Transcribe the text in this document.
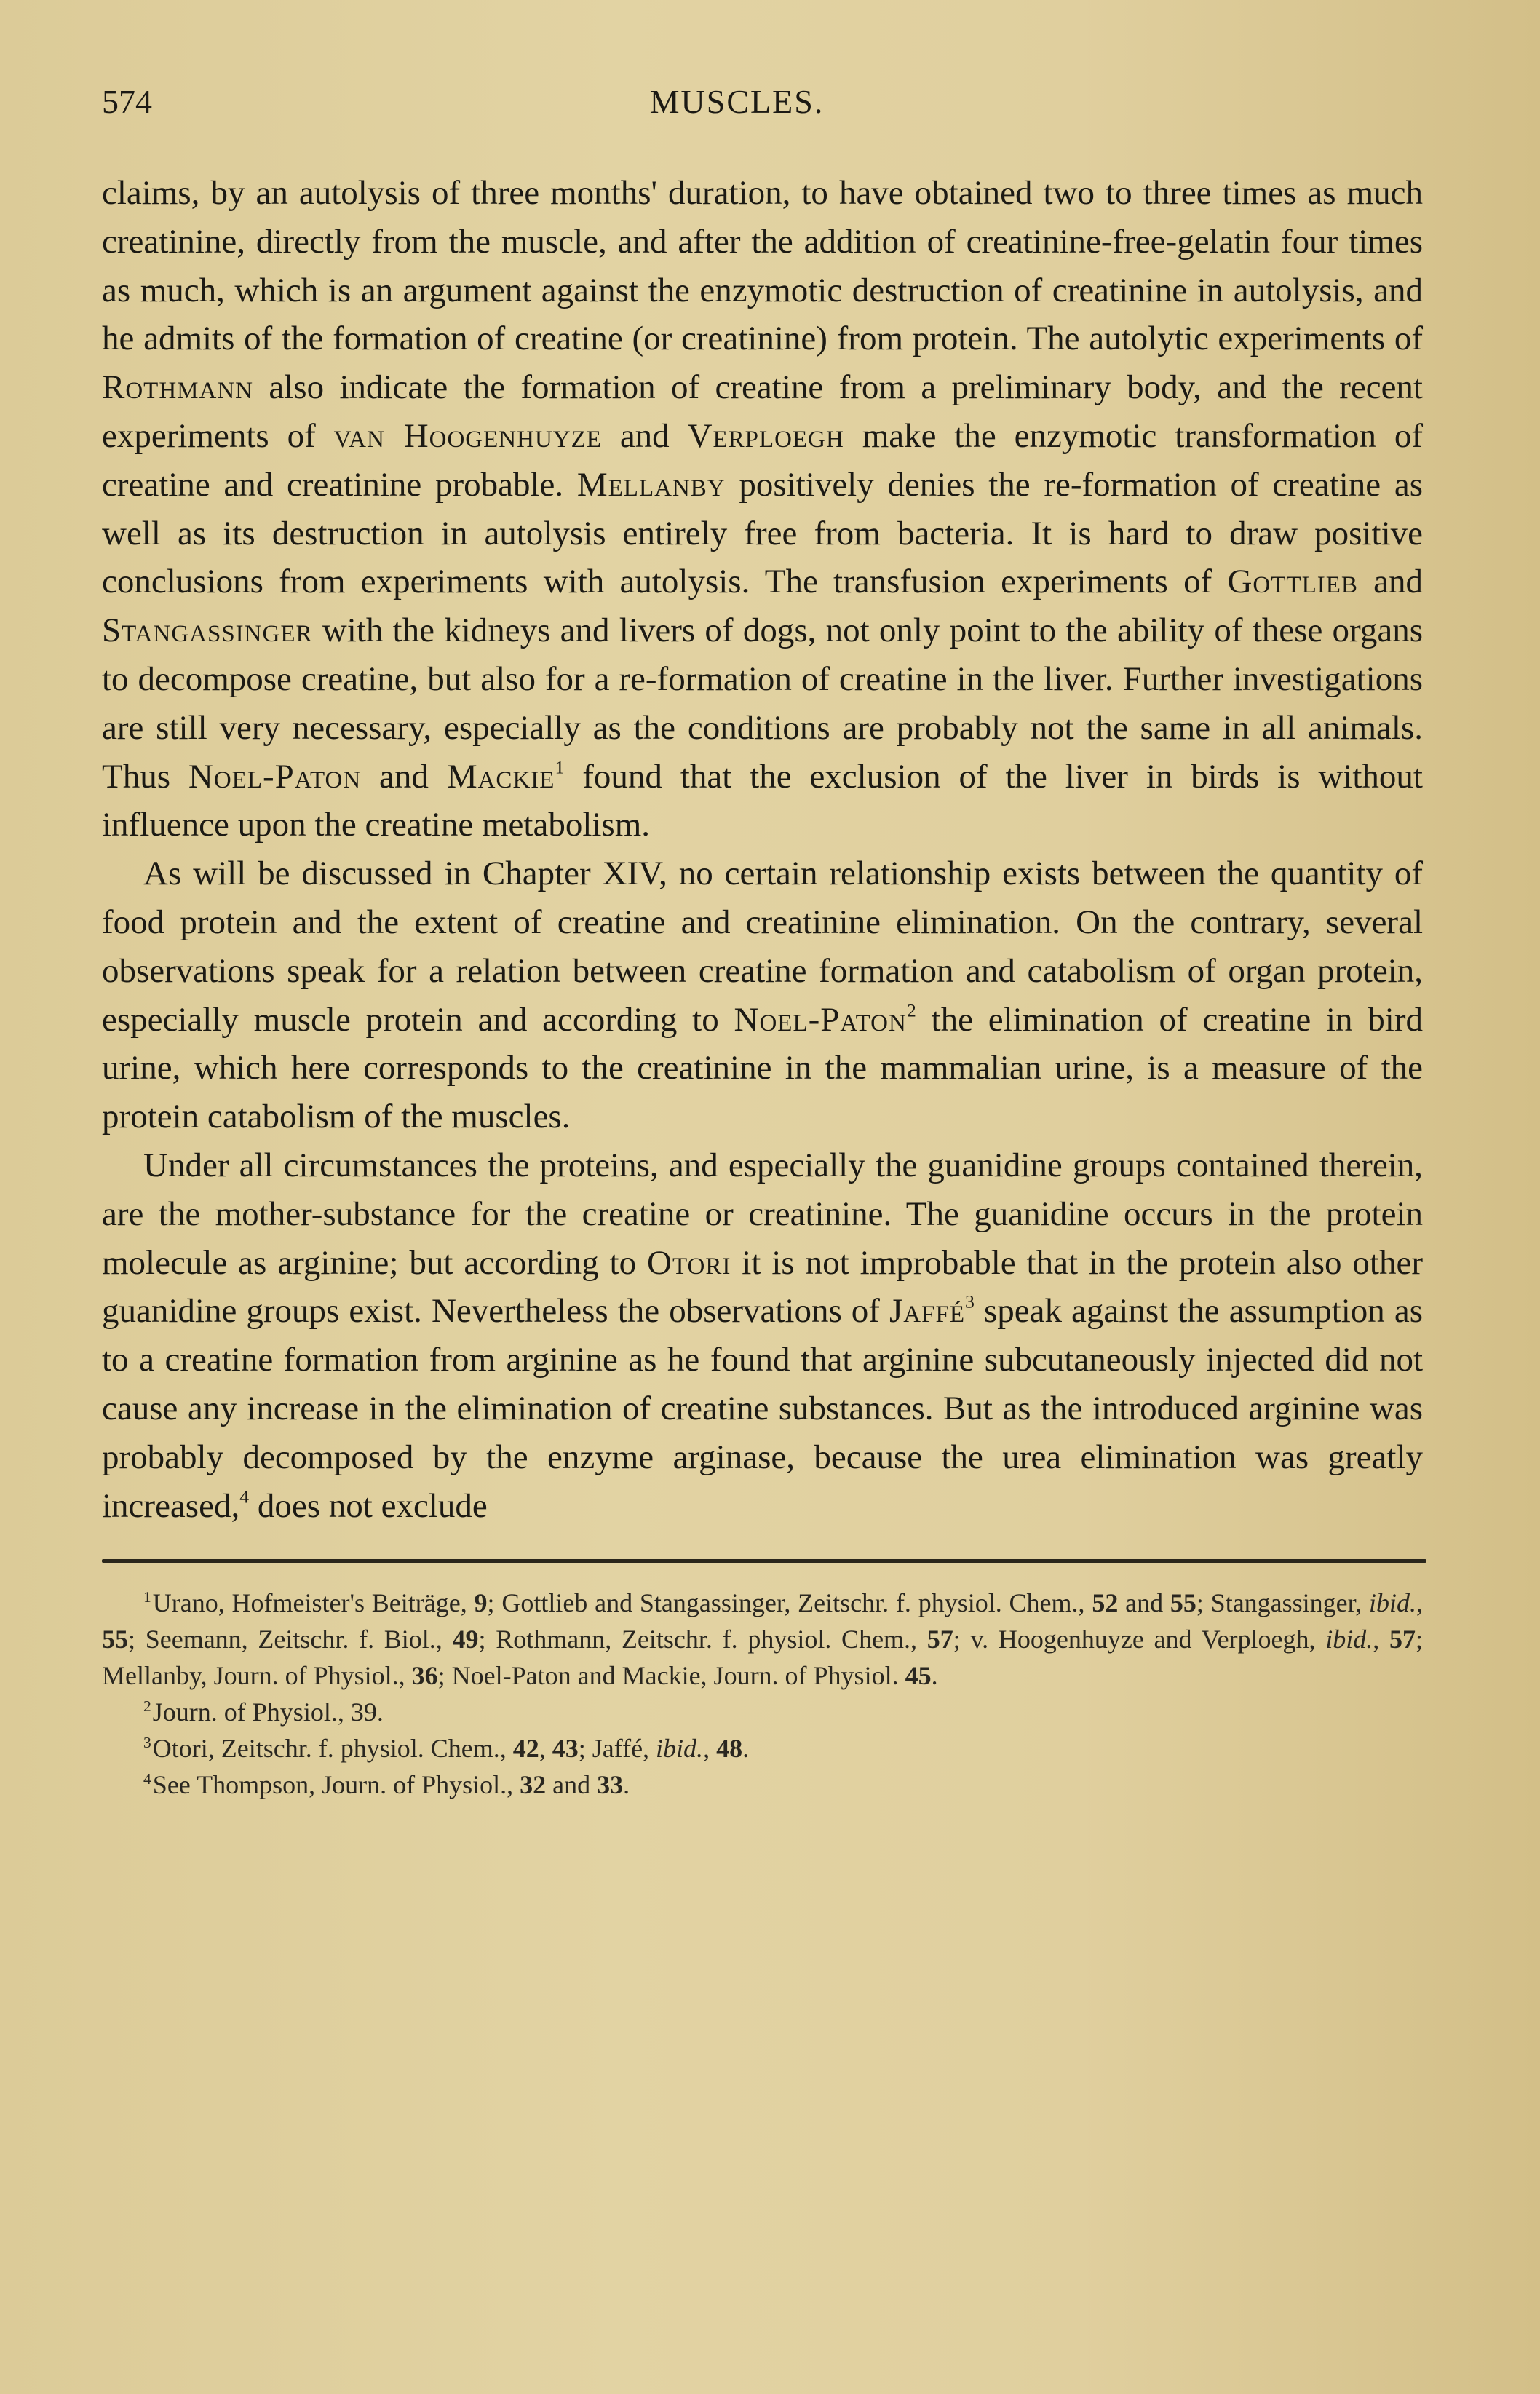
574	MUSCLES.

claims, by an autolysis of three months' duration, to have obtained two to three times as much creatinine, directly from the muscle, and after the addition of creatinine-free-gelatin four times as much, which is an argument against the enzymotic destruction of creatinine in autolysis, and he admits of the formation of creatine (or creatinine) from protein. The autolytic experiments of Rothmann also indicate the formation of creatine from a preliminary body, and the recent experiments of van Hoogenhuyze and Verploegh make the enzymotic transformation of creatine and creatinine probable. Mellanby positively denies the re-formation of creatine as well as its destruction in autolysis entirely free from bacteria. It is hard to draw positive conclusions from experiments with autolysis. The transfusion experiments of Gottlieb and Stangassinger with the kidneys and livers of dogs, not only point to the ability of these organs to decompose creatine, but also for a re-formation of creatine in the liver. Further investigations are still very necessary, especially as the conditions are probably not the same in all animals. Thus Noel-Paton and Mackie$^1$ found that the exclusion of the liver in birds is without influence upon the creatine metabolism.

As will be discussed in Chapter XIV, no certain relationship exists between the quantity of food protein and the extent of creatine and creatinine elimination. On the contrary, several observations speak for a relation between creatine formation and catabolism of organ protein, especially muscle protein and according to Noel-Paton$^2$ the elimination of creatine in bird urine, which here corresponds to the creatinine in the mammalian urine, is a measure of the protein catabolism of the muscles.

Under all circumstances the proteins, and especially the guanidine groups contained therein, are the mother-substance for the creatine or creatinine. The guanidine occurs in the protein molecule as arginine; but according to Otori it is not improbable that in the protein also other guanidine groups exist. Nevertheless the observations of Jaffé$^3$ speak against the assumption as to a creatine formation from arginine as he found that arginine subcutaneously injected did not cause any increase in the elimination of creatine substances. But as the introduced arginine was probably decomposed by the enzyme arginase, because the urea elimination was greatly increased,$^4$ does not exclude

$^1$Urano, Hofmeister's Beiträge, 9; Gottlieb and Stangassinger, Zeitschr. f. physiol. Chem., 52 and 55; Stangassinger, ibid., 55; Seemann, Zeitschr. f. Biol., 49; Rothmann, Zeitschr. f. physiol. Chem., 57; v. Hoogenhuyze and Verploegh, ibid., 57; Mellanby, Journ. of Physiol., 36; Noel-Paton and Mackie, Journ. of Physiol. 45.

$^2$Journ. of Physiol., 39.

$^3$Otori, Zeitschr. f. physiol. Chem., 42, 43; Jaffé, ibid., 48.

$^4$See Thompson, Journ. of Physiol., 32 and 33.
